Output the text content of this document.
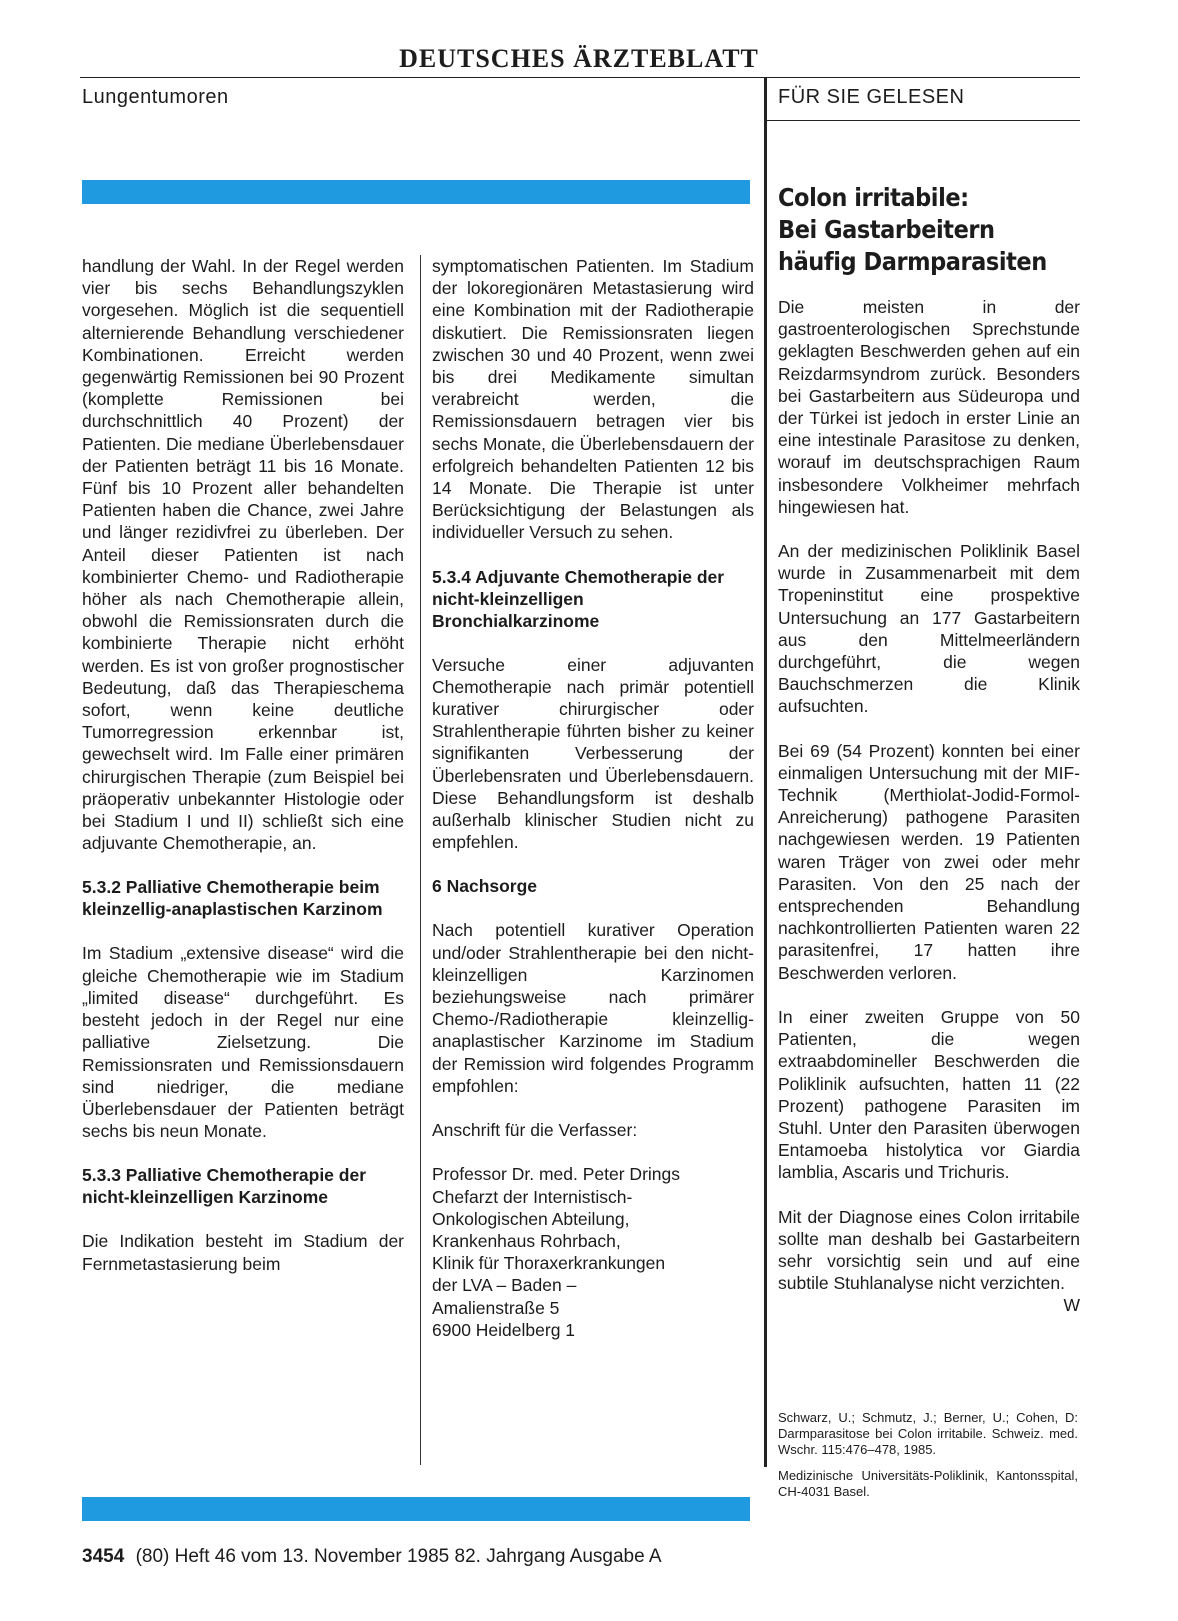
DEUTSCHES ÄRZTEBLATT
Lungentumoren	FÜR SIE GELESEN

handlung der Wahl. In der Regel werden vier bis sechs Behandlungszyklen vorgesehen. Möglich ist die sequentiell alternierende Behandlung verschiedener Kombinationen. Erreicht werden gegenwärtig Remissionen bei 90 Prozent (komplette Remissionen bei durchschnittlich 40 Prozent) der Patienten. Die mediane Überlebensdauer der Patienten beträgt 11 bis 16 Monate. Fünf bis 10 Prozent aller behandelten Patienten haben die Chance, zwei Jahre und länger rezidivfrei zu überleben. Der Anteil dieser Patienten ist nach kombinierter Chemo- und Radiotherapie höher als nach Chemotherapie allein, obwohl die Remissionsraten durch die kombinierte Therapie nicht erhöht werden. Es ist von großer prognostischer Bedeutung, daß das Therapieschema sofort, wenn keine deutliche Tumorregression erkennbar ist, gewechselt wird. Im Falle einer primären chirurgischen Therapie (zum Beispiel bei präoperativ unbekannter Histologie oder bei Stadium I und II) schließt sich eine adjuvante Chemotherapie, an.

5.3.2 Palliative Chemotherapie beim kleinzellig-anaplastischen Karzinom

Im Stadium „extensive disease“ wird die gleiche Chemotherapie wie im Stadium „limited disease“ durchgeführt. Es besteht jedoch in der Regel nur eine palliative Zielsetzung. Die Remissionsraten und Remissionsdauern sind niedriger, die mediane Überlebensdauer der Patienten beträgt sechs bis neun Monate.

5.3.3 Palliative Chemotherapie der nicht-kleinzelligen Karzinome

Die Indikation besteht im Stadium der Fernmetastasierung beim

symptomatischen Patienten. Im Stadium der lokoregionären Metastasierung wird eine Kombination mit der Radiotherapie diskutiert. Die Remissionsraten liegen zwischen 30 und 40 Prozent, wenn zwei bis drei Medikamente simultan verabreicht werden, die Remissionsdauern betragen vier bis sechs Monate, die Überlebensdauern der erfolgreich behandelten Patienten 12 bis 14 Monate. Die Therapie ist unter Berücksichtigung der Belastungen als individueller Versuch zu sehen.

5.3.4 Adjuvante Chemotherapie der nicht-kleinzelligen Bronchialkarzinome

Versuche einer adjuvanten Chemotherapie nach primär potentiell kurativer chirurgischer oder Strahlentherapie führten bisher zu keiner signifikanten Verbesserung der Überlebensraten und Überlebensdauern. Diese Behandlungsform ist deshalb außerhalb klinischer Studien nicht zu empfehlen.

6 Nachsorge

Nach potentiell kurativer Operation und/oder Strahlentherapie bei den nicht-kleinzelligen Karzinomen beziehungsweise nach primärer Chemo-/Radiotherapie kleinzellig-anaplastischer Karzinome im Stadium der Remission wird folgendes Programm empfohlen:

Anschrift für die Verfasser:

Professor Dr. med. Peter Drings
Chefarzt der Internistisch-
Onkologischen Abteilung,
Krankenhaus Rohrbach,
Klinik für Thoraxerkrankungen
der LVA – Baden –
Amalienstraße 5
6900 Heidelberg 1

Colon irritabile:
Bei Gastarbeitern
häufig Darmparasiten

Die meisten in der gastroenterologischen Sprechstunde geklagten Beschwerden gehen auf ein Reizdarmsyndrom zurück. Besonders bei Gastarbeitern aus Südeuropa und der Türkei ist jedoch in erster Linie an eine intestinale Parasitose zu denken, worauf im deutschsprachigen Raum insbesondere Volkheimer mehrfach hingewiesen hat.

An der medizinischen Poliklinik Basel wurde in Zusammenarbeit mit dem Tropeninstitut eine prospektive Untersuchung an 177 Gastarbeitern aus den Mittelmeerländern durchgeführt, die wegen Bauchschmerzen die Klinik aufsuchten.

Bei 69 (54 Prozent) konnten bei einer einmaligen Untersuchung mit der MIF-Technik (Merthiolat-Jodid-Formol-Anreicherung) pathogene Parasiten nachgewiesen werden. 19 Patienten waren Träger von zwei oder mehr Parasiten. Von den 25 nach der entsprechenden Behandlung nachkontrollierten Patienten waren 22 parasitenfrei, 17 hatten ihre Beschwerden verloren.

In einer zweiten Gruppe von 50 Patienten, die wegen extraabdomineller Beschwerden die Poliklinik aufsuchten, hatten 11 (22 Prozent) pathogene Parasiten im Stuhl. Unter den Parasiten überwogen Entamoeba histolytica vor Giardia lamblia, Ascaris und Trichuris.

Mit der Diagnose eines Colon irritabile sollte man deshalb bei Gastarbeitern sehr vorsichtig sein und auf eine subtile Stuhlanalyse nicht verzichten.
W

Schwarz, U.; Schmutz, J.; Berner, U.; Cohen, D: Darmparasitose bei Colon irritabile. Schweiz. med. Wschr. 115:476–478, 1985.

Medizinische Universitäts-Poliklinik, Kantonsspital, CH-4031 Basel.

3454 (80) Heft 46 vom 13. November 1985 82. Jahrgang Ausgabe A
